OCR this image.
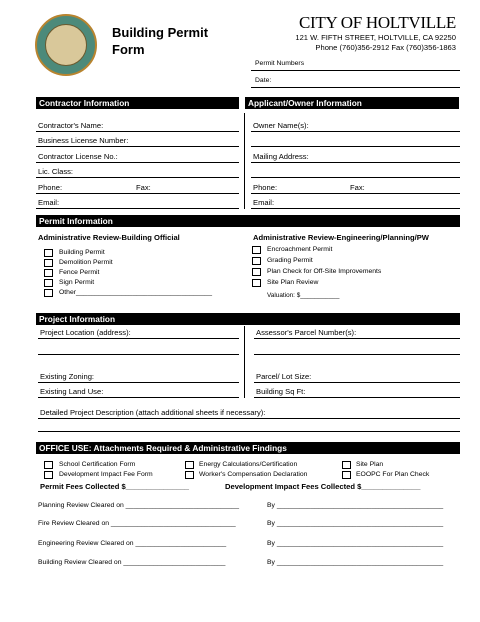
Building Permit
Form
CITY OF HOLTVILLE
121 W. FIFTH STREET, HOLTVILLE, CA 92250
Phone (760)356-2912 Fax (760)356-1863
Permit Numbers
Date:
Contractor Information	Applicant/Owner Information
Contractor's Name:
Business License Number:
Contractor License No.:
Lic. Class:
Phone:	Fax:
Email:
Owner Name(s):
Mailing Address:
Phone:	Fax:
Email:
Permit Information
Administrative Review-Building Official	Administrative Review-Engineering/Planning/PW
Building Permit
Demolition Permit
Fence Permit
Sign Permit
Other____________________________________
Encroachment Permit
Grading Permit
Plan Check for Off-Site Improvements
Site Plan Review
Valuation: $___________
Project Information
Project Location (address):	Assessor's Parcel Number(s):
Existing Zoning:	Parcel/ Lot Size:
Existing Land Use:	Building Sq Ft:
Detailed Project Description (attach additional sheets if necessary):
OFFICE USE: Attachments Required & Administrative Findings
School Certification Form
Development Impact Fee Form
Energy Calculations/Certification
Worker's Compensation Declaration
Site Plan
EOOPC For Plan Check
Permit Fees Collected $_______________	Development Impact Fees Collected $______________
Planning Review Cleared on ______________________________	By ____________________________________________
Fire Review Cleared on _________________________________	By ____________________________________________
Engineering Review Cleared on ________________________	By ____________________________________________
Building Review Cleared on ___________________________	By ____________________________________________
